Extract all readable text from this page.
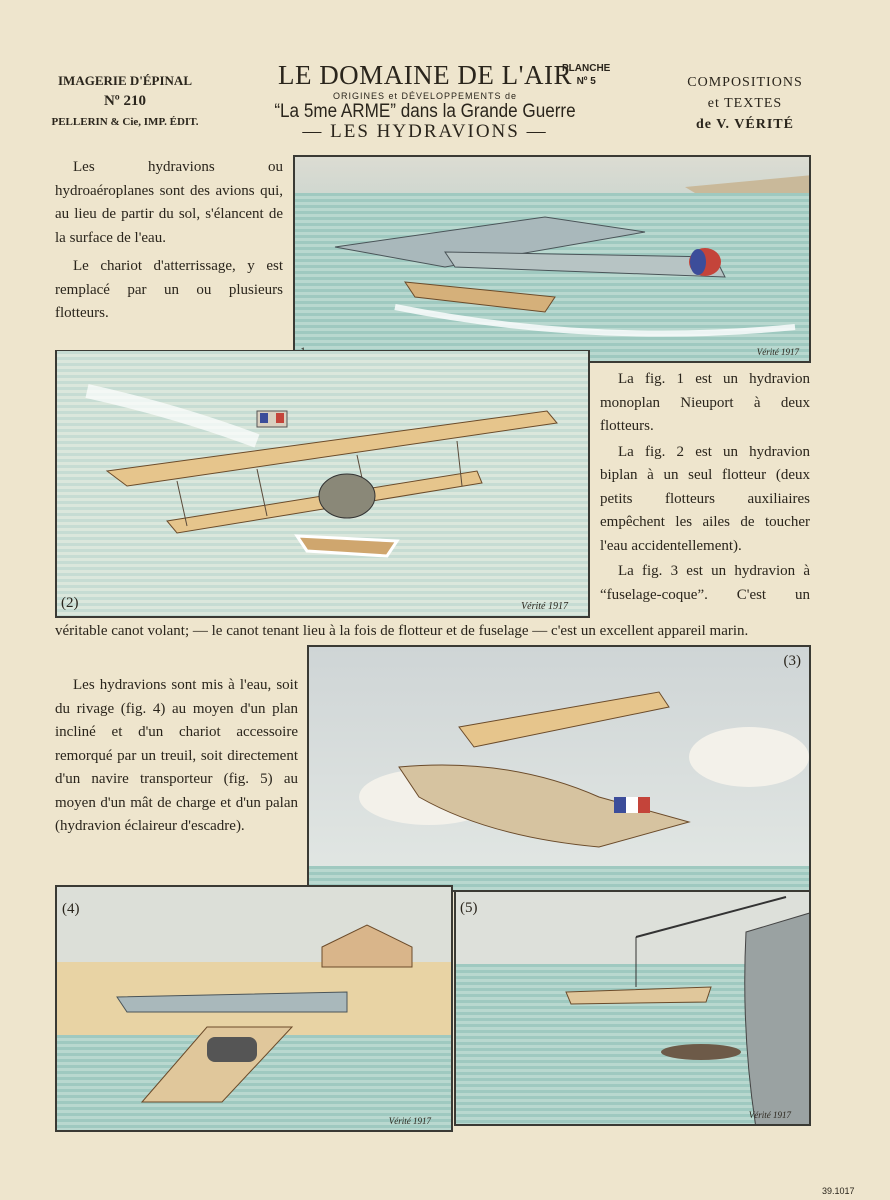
IMAGERIE D'ÉPINAL
Nº 210
PELLERIN & Cie, IMP. ÉDIT.
LE DOMAINE DE L'AIR
ORIGINES et DÉVELOPPEMENTS de
“La 5me ARME” dans la Grande Guerre
— LES HYDRAVIONS —
PLANCHE
Nº 5	COMPOSITIONS
et TEXTES
de V. VÉRITÉ

Les hydravions ou hydroaéroplanes sont des avions qui, au lieu de partir du sol, s'élancent de la surface de l'eau.

Le chariot d'atterrissage, y est remplacé par un ou plusieurs flotteurs.

Vérité 1917
(2)	Vérité 1917

La fig. 1 est un hydravion monoplan Nieuport à deux flotteurs.

La fig. 2 est un hydravion biplan à un seul flotteur (deux petits flotteurs auxiliaires empêchent les ailes de toucher l'eau accidentellement).

La fig. 3 est un hydravion à “fuselage-coque”. C'est un

véritable canot volant; — le canot tenant lieu à la fois de flotteur et de fuselage — c'est un excellent appareil marin.

Les hydravions sont mis à l'eau, soit du rivage (fig. 4) au moyen d'un plan incliné et d'un chariot accessoire remorqué par un treuil, soit directement d'un navire transporteur (fig. 5) au moyen d'un mât de charge et d'un palan (hydravion éclaireur d'escadre).

(3)
(4)
Vérité 1917
(5)
Vérité 1917
39.1017
